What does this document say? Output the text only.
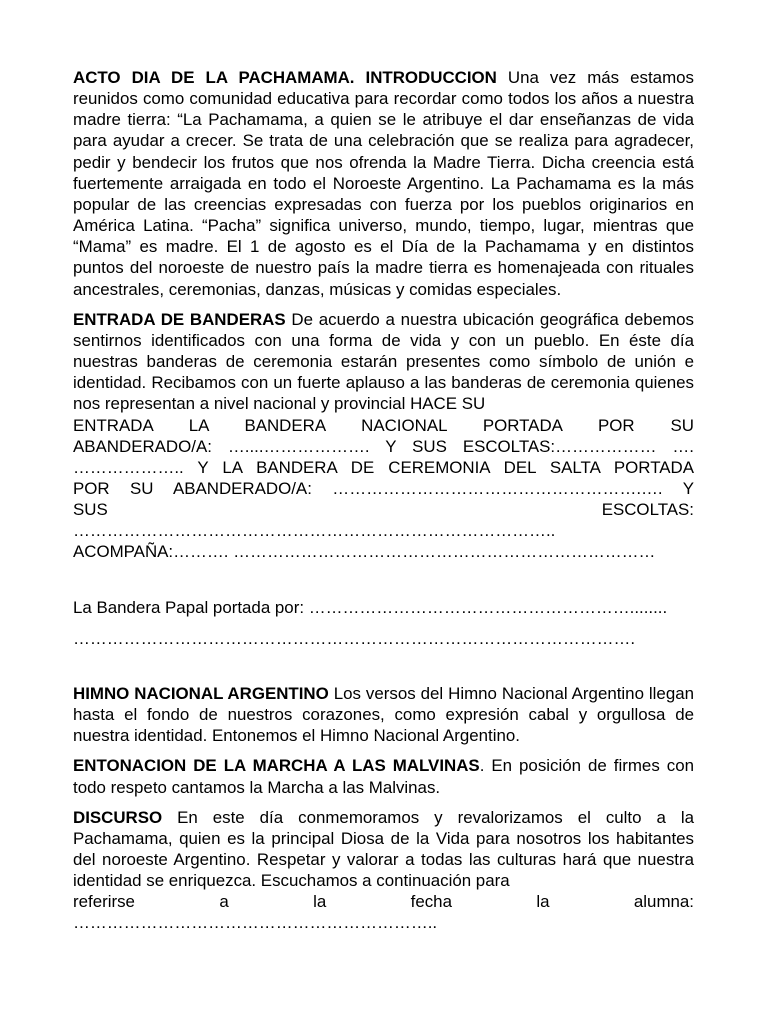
ACTO DIA DE LA PACHAMAMA. INTRODUCCION Una vez más estamos reunidos como comunidad educativa para recordar como todos los años a nuestra madre tierra: “La Pachamama, a quien se le atribuye el dar enseñanzas de vida para ayudar a crecer. Se trata de una celebración que se realiza para agradecer, pedir y bendecir los frutos que nos ofrenda la Madre Tierra. Dicha creencia está fuertemente arraigada en todo el Noroeste Argentino. La Pachamama es la más popular de las creencias expresadas con fuerza por los pueblos originarios en América Latina. “Pacha” significa universo, mundo, tiempo, lugar, mientras que “Mama” es madre. El 1 de agosto es el Día de la Pachamama y en distintos puntos del noroeste de nuestro país la madre tierra es homenajeada con rituales ancestrales, ceremonias, danzas, músicas y comidas especiales.

ENTRADA DE BANDERAS De acuerdo a nuestra ubicación geográfica debemos sentirnos identificados con una forma de vida y con un pueblo. En éste día nuestras banderas de ceremonia estarán presentes como símbolo de unión e identidad. Recibamos con un fuerte aplauso a las banderas de ceremonia quienes nos representan a nivel nacional y provincial HACE SU

ENTRADA LA BANDERA NACIONAL PORTADA POR SU

ABANDERADO/A: …....………………. Y SUS ESCOLTAS:……………… ….

……………….. Y LA BANDERA DE CEREMONIA DEL SALTA PORTADA

POR SU ABANDERADO/A: ……………………………………………….…. Y

SUS ESCOLTAS:

…………………………………………………………………………..

ACOMPAÑA:………. …………………………………………………………………

La Bandera Papal portada por: …………………………………………………........

……………………………………………………………………………………….

HIMNO NACIONAL ARGENTINO Los versos del Himno Nacional Argentino llegan hasta el fondo de nuestros corazones, como expresión cabal y orgullosa de nuestra identidad. Entonemos el Himno Nacional Argentino.

ENTONACION DE LA MARCHA A LAS MALVINAS. En posición de firmes con todo respeto cantamos la Marcha a las Malvinas.

DISCURSO En este día conmemoramos y revalorizamos el culto a la Pachamama, quien es la principal Diosa de la Vida para nosotros los habitantes del noroeste Argentino. Respetar y valorar a todas las culturas hará que nuestra identidad se enriquezca. Escuchamos a continuación para

referirse a la fecha la alumna:

………………………………………………………..
